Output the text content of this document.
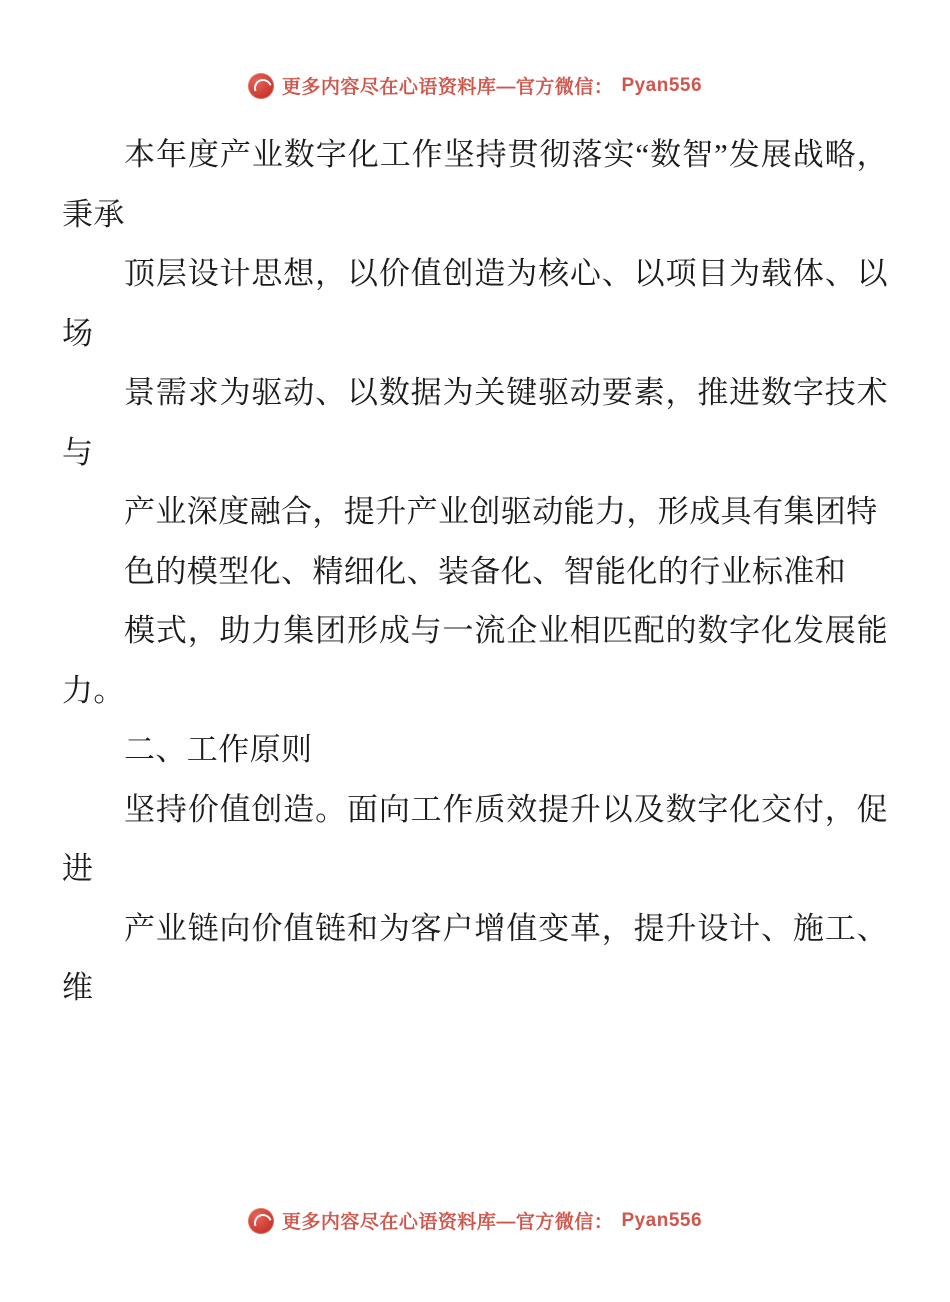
更多内容尽在心语资料库—官方微信： Pyan556

本年度产业数字化工作坚持贯彻落实“数智”发展战略，秉承

顶层设计思想，以价值创造为核心、以项目为载体、以场

景需求为驱动、以数据为关键驱动要素，推进数字技术与

产业深度融合，提升产业创驱动能力，形成具有集团特

色的模型化、精细化、装备化、智能化的行业标准和

模式，助力集团形成与一流企业相匹配的数字化发展能力。

二、工作原则

坚持价值创造。面向工作质效提升以及数字化交付，促进

产业链向价值链和为客户增值变革，提升设计、施工、维

更多内容尽在心语资料库—官方微信： Pyan556
